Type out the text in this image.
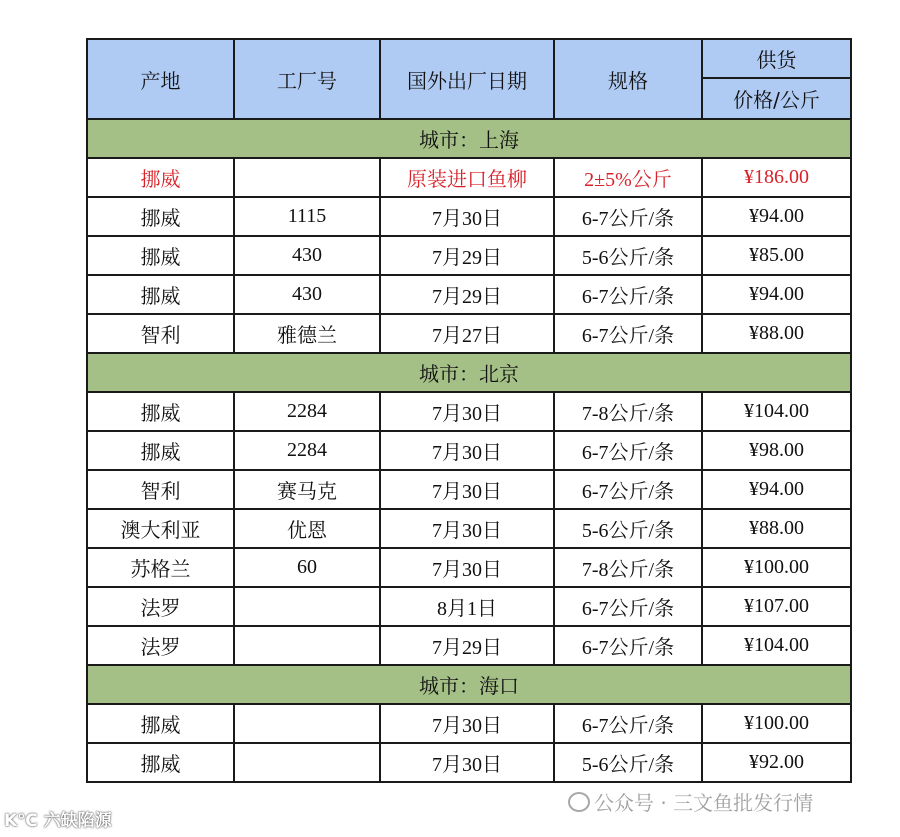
产地	工厂号	国外出厂日期	规格	供货
				价格/公斤
城市：上海				
挪威		原装进口鱼柳	2±5%公斤	¥186.00
挪威	1115	7月30日	6-7公斤/条	¥94.00
挪威	430	7月29日	5-6公斤/条	¥85.00
挪威	430	7月29日	6-7公斤/条	¥94.00
智利	雅德兰	7月27日	6-7公斤/条	¥88.00
城市：北京				
挪威	2284	7月30日	7-8公斤/条	¥104.00
挪威	2284	7月30日	6-7公斤/条	¥98.00
智利	赛马克	7月30日	6-7公斤/条	¥94.00
澳大利亚	优恩	7月30日	5-6公斤/条	¥88.00
苏格兰	60	7月30日	7-8公斤/条	¥100.00
法罗		8月1日	6-7公斤/条	¥107.00
法罗		7月29日	6-7公斤/条	¥104.00
城市：海口				
挪威		7月30日	6-7公斤/条	¥100.00
挪威		7月30日	5-6公斤/条	¥92.00
公众号 · 三文鱼批发行情
K℃ 六缺陷源
